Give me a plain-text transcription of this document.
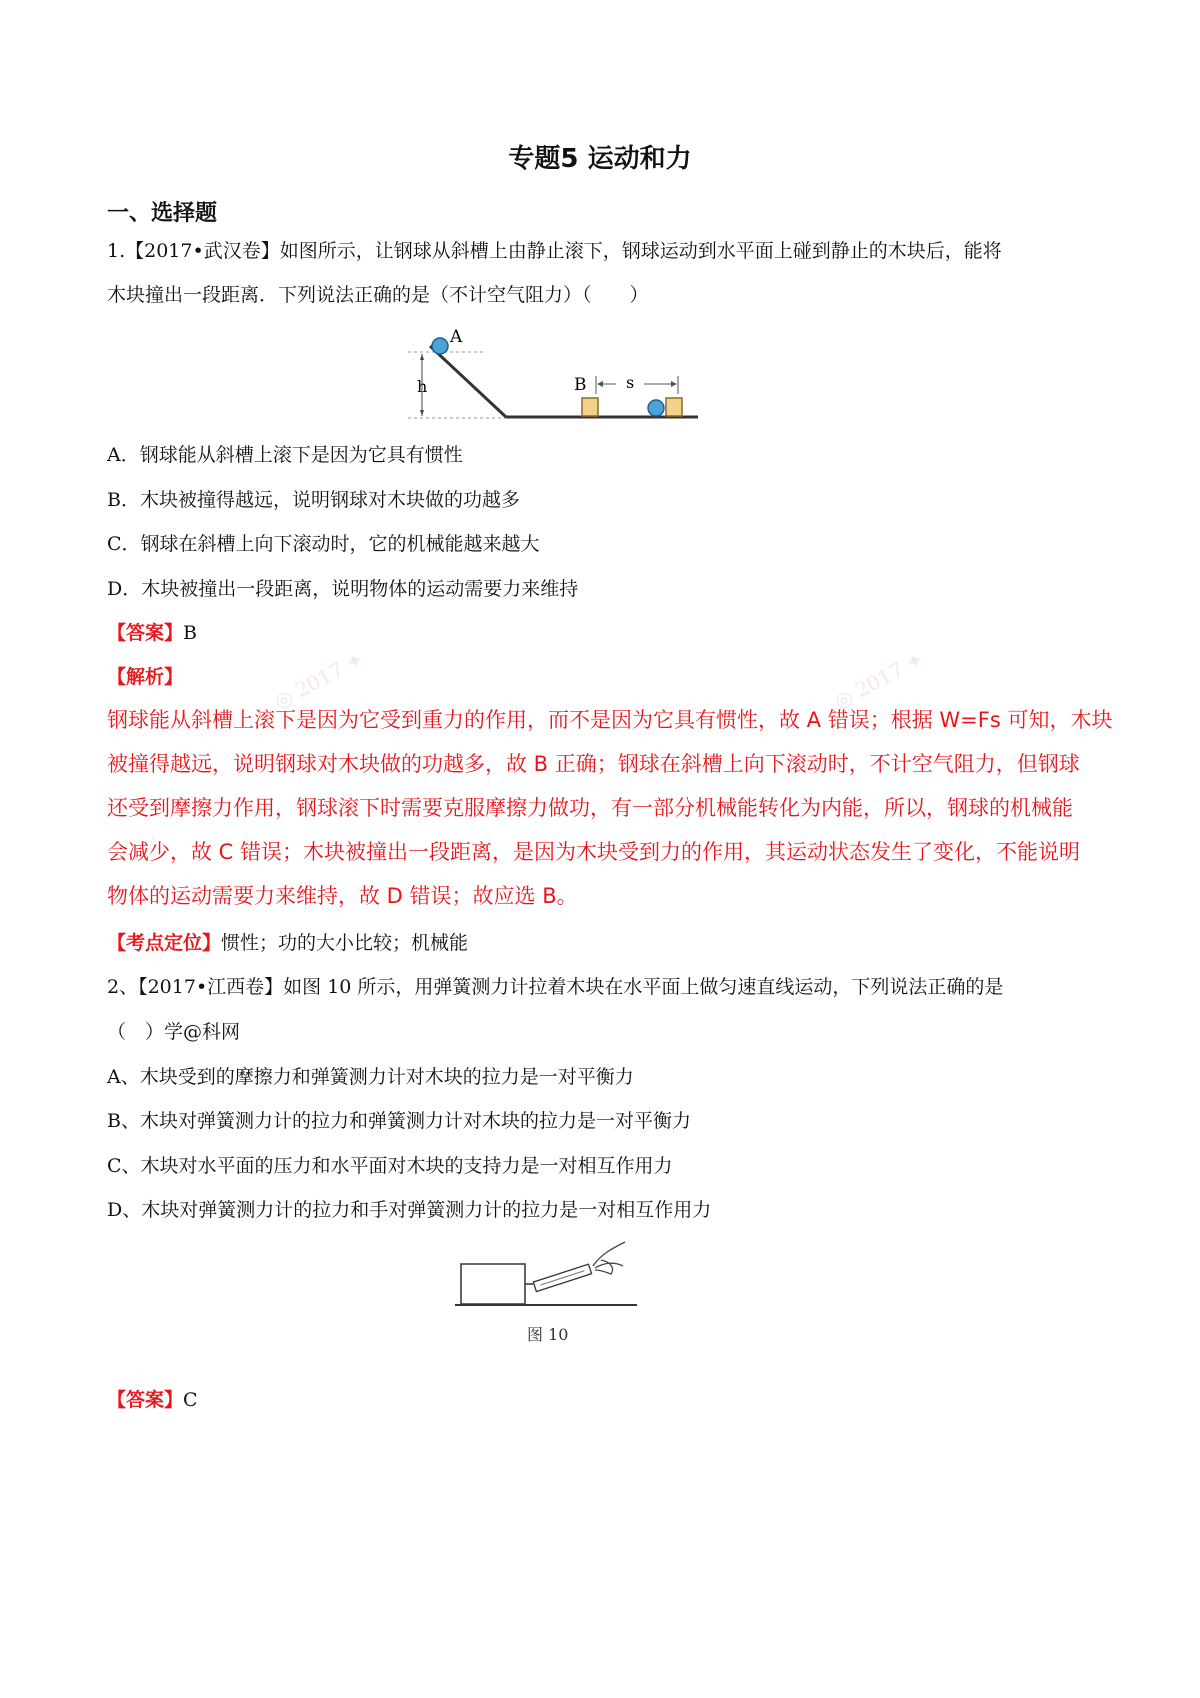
专题5 运动和力
一、选择题
1.【2017•武汉卷】如图所示，让钢球从斜槽上由静止滚下，钢球运动到水平面上碰到静止的木块后，能将
木块撞出一段距离．下列说法正确的是（不计空气阻力）（　　）
h
A
B s
A．钢球能从斜槽上滚下是因为它具有惯性
B．木块被撞得越远，说明钢球对木块做的功越多
C．钢球在斜槽上向下滚动时，它的机械能越来越大
D．木块被撞出一段距离，说明物体的运动需要力来维持
【答案】B
【解析】	◎ 2017 ✦	◎ 2017 ✦
钢球能从斜槽上滚下是因为它受到重力的作用，而不是因为它具有惯性，故 A 错误；根据 W=Fs 可知，木块
被撞得越远，说明钢球对木块做的功越多，故 B 正确；钢球在斜槽上向下滚动时，不计空气阻力，但钢球
还受到摩擦力作用，钢球滚下时需要克服摩擦力做功，有一部分机械能转化为内能，所以，钢球的机械能
会减少，故 C 错误；木块被撞出一段距离，是因为木块受到力的作用，其运动状态发生了变化，不能说明
物体的运动需要力来维持，故 D 错误；故应选 B。
【考点定位】惯性；功的大小比较；机械能
2、【2017•江西卷】如图 10 所示，用弹簧测力计拉着木块在水平面上做匀速直线运动，下列说法正确的是
（　）学@科网
A、木块受到的摩擦力和弹簧测力计对木块的拉力是一对平衡力
B、木块对弹簧测力计的拉力和弹簧测力计对木块的拉力是一对平衡力
C、木块对水平面的压力和水平面对木块的支持力是一对相互作用力
D、木块对弹簧测力计的拉力和手对弹簧测力计的拉力是一对相互作用力
图 10
【答案】C
